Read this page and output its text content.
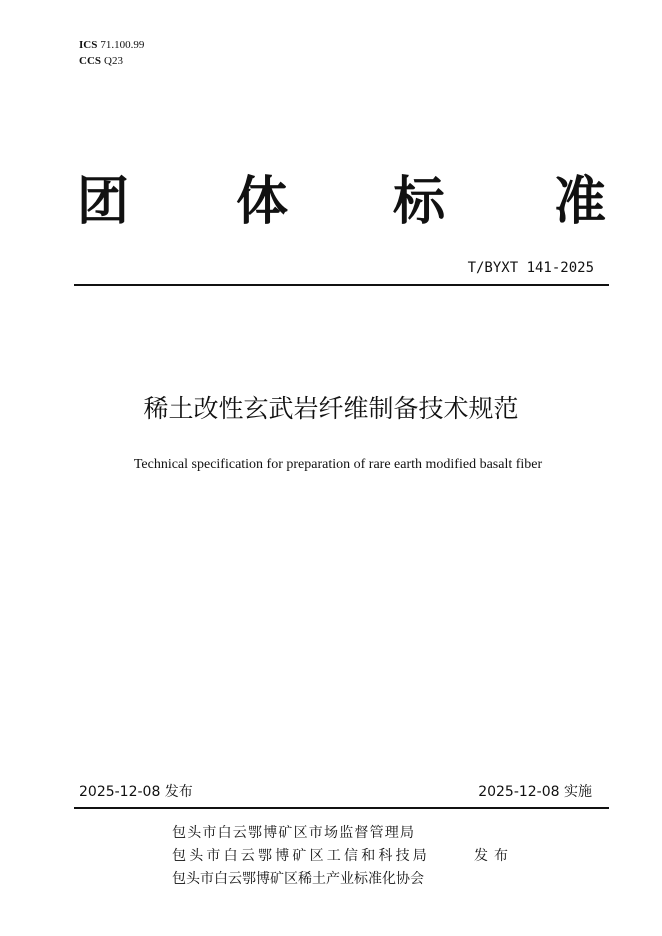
ICS 71.100.99
CCS Q23
团 体 标 准
T/BYXT 141-2025
稀土改性玄武岩纤维制备技术规范
Technical specification for preparation of rare earth modified basalt fiber
2025-12-08 发布	2025-12-08 实施
包头市白云鄂博矿区市场监督管理局
包头市白云鄂博矿区工信和科技局
包头市白云鄂博矿区稀土产业标准化协会
发布
